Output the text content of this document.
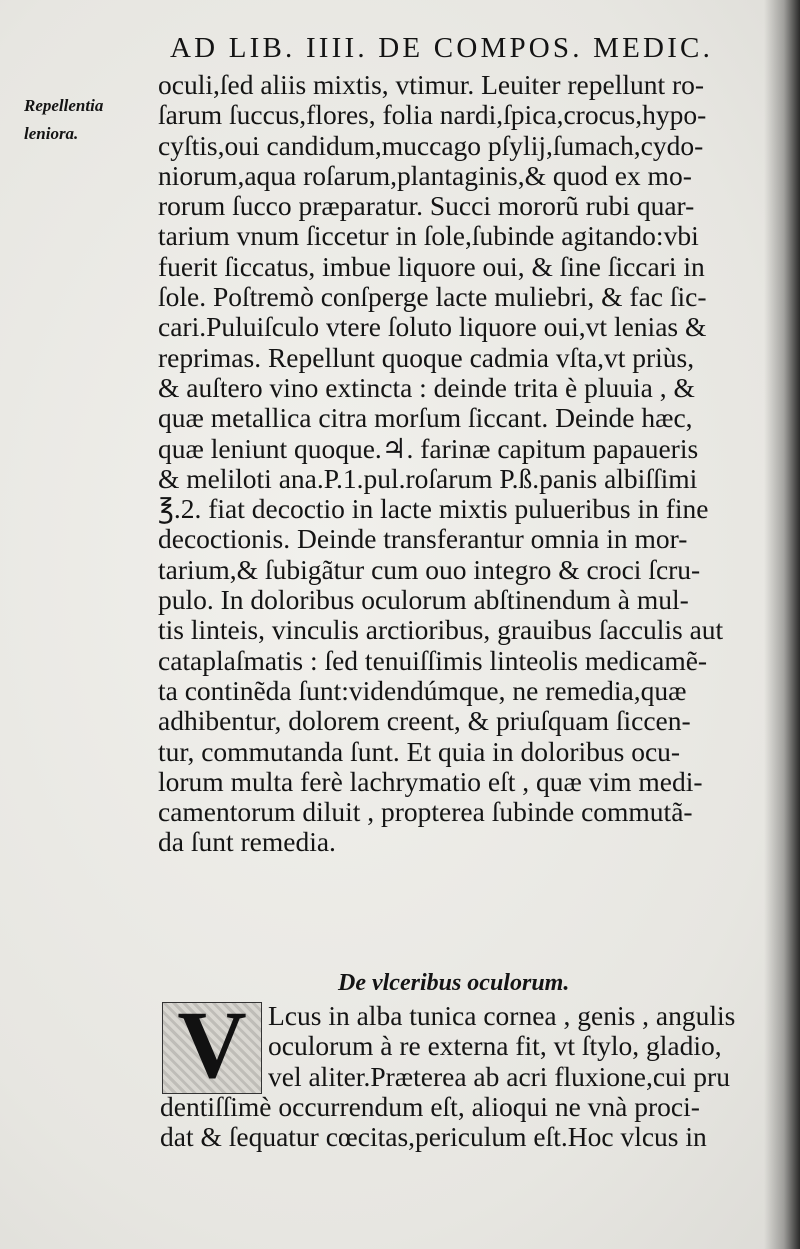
AD LIB. IIII. DE COMPOS. MEDIC.
Repellentia
leniora.
oculi,ſed aliis mixtis, vtimur. Leuiter repellunt ro-
ſarum ſuccus,flores, folia nardi,ſpica,crocus,hypo-
cyſtis,oui candidum,muccago pſylij,ſumach,cydo-
niorum,aqua roſarum,plantaginis,& quod ex mo-
rorum ſucco præparatur. Succi mororũ rubi quar-
tarium vnum ſiccetur in ſole,ſubinde agitando:vbi
fuerit ſiccatus, imbue liquore oui, & ſine ſiccari in
ſole. Poſtremò conſperge lacte muliebri, & fac ſic-
cari.Puluiſculo vtere ſoluto liquore oui,vt lenias &
reprimas. Repellunt quoque cadmia vſta,vt priùs,
& auſtero vino extincta : deinde trita è pluuia , &
quæ metallica citra morſum ſiccant. Deinde hæc,
quæ leniunt quoque.♃. farinæ capitum papaueris
& meliloti ana.P.1.pul.roſarum P.ß.panis albiſſimi
℥.2. fiat decoctio in lacte mixtis pulueribus in fine
decoctionis. Deinde transferantur omnia in mor-
tarium,& ſubigãtur cum ouo integro & croci ſcru-
pulo. In doloribus oculorum abſtinendum à mul-
tis linteis, vinculis arctioribus, grauibus ſacculis aut
cataplaſmatis : ſed tenuiſſimis linteolis medicamẽ-
ta continẽda ſunt:videndúmque, ne remedia,quæ
adhibentur, dolorem creent, & priuſquam ſiccen-
tur, commutanda ſunt. Et quia in doloribus ocu-
lorum multa ferè lachrymatio eſt , quæ vim medi-
camentorum diluit , propterea ſubinde commutã-
da ſunt remedia.
De vlceribus oculorum.
V Lcus in alba tunica cornea , genis , angulis
oculorum à re externa fit, vt ſtylo, gladio,
vel aliter.Præterea ab acri fluxione,cui pru
dentiſſimè occurrendum eſt, alioqui ne vnà proci-
dat & ſequatur cœcitas,periculum eſt.Hoc vlcus in
